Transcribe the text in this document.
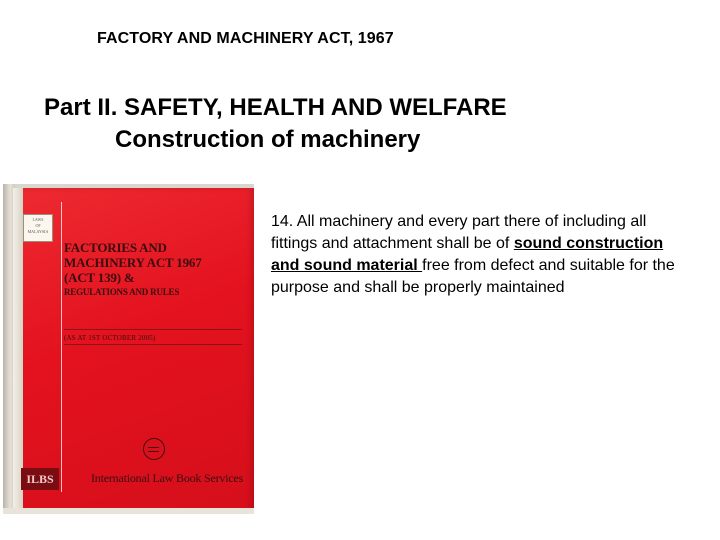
FACTORY AND MACHINERY ACT, 1967
Part II. SAFETY, HEALTH AND WELFARE
Construction of machinery
LAWS
OF
MALAYSIA
FACTORIES AND
MACHINERY ACT 1967
(ACT 139) &
REGULATIONS AND RULES
(AS AT 1ST OCTOBER 2005)
ILBS	International Law Book Services
14. All machinery and every part there of including all fittings and attachment shall be of sound construction and sound material free from defect and suitable for the purpose and shall be properly maintained
